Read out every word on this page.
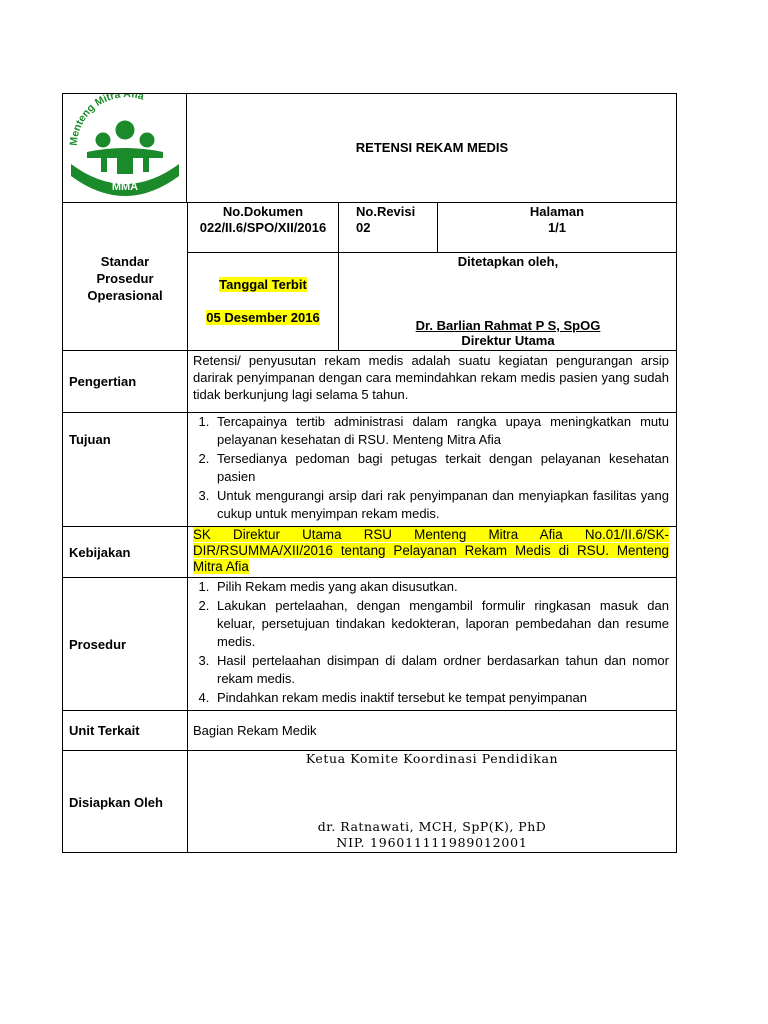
Menteng Mitra Afia
MMA
RETENSI REKAM MEDIS
Standar
Prosedur
Operasional
No.Dokumen
022/II.6/SPO/XII/2016
No.Revisi
02
Halaman
1/1
Tanggal Terbit
05 Desember 2016
Ditetapkan oleh,
Dr. Barlian Rahmat P S, SpOG
Direktur Utama
Pengertian
Retensi/ penyusutan rekam medis adalah suatu kegiatan pengurangan arsip darirak penyimpanan dengan cara memindahkan rekam medis pasien yang sudah tidak berkunjung lagi selama 5 tahun.
Tujuan
1. Tercapainya tertib administrasi dalam rangka upaya meningkatkan mutu pelayanan kesehatan di RSU. Menteng Mitra Afia
2. Tersedianya pedoman bagi petugas terkait dengan pelayanan kesehatan pasien
3. Untuk mengurangi arsip dari rak penyimpanan dan menyiapkan fasilitas yang cukup untuk menyimpan rekam medis.
Kebijakan
SK Direktur Utama RSU Menteng Mitra Afia No.01/II.6/SK-DIR/RSUMMA/XII/2016 tentang Pelayanan Rekam Medis di RSU. Menteng Mitra Afia
Prosedur
1. Pilih Rekam medis yang akan disusutkan.
2. Lakukan pertelaahan, dengan mengambil formulir ringkasan masuk dan keluar, persetujuan tindakan kedokteran, laporan pembedahan dan resume medis.
3. Hasil pertelaahan disimpan di dalam ordner berdasarkan tahun dan nomor rekam medis.
4. Pindahkan rekam medis inaktif tersebut ke tempat penyimpanan
Unit Terkait	Bagian Rekam Medik
Disiapkan Oleh
Ketua Komite Koordinasi Pendidikan
dr. Ratnawati, MCH, SpP(K), PhD
NIP. 196011111989012001
